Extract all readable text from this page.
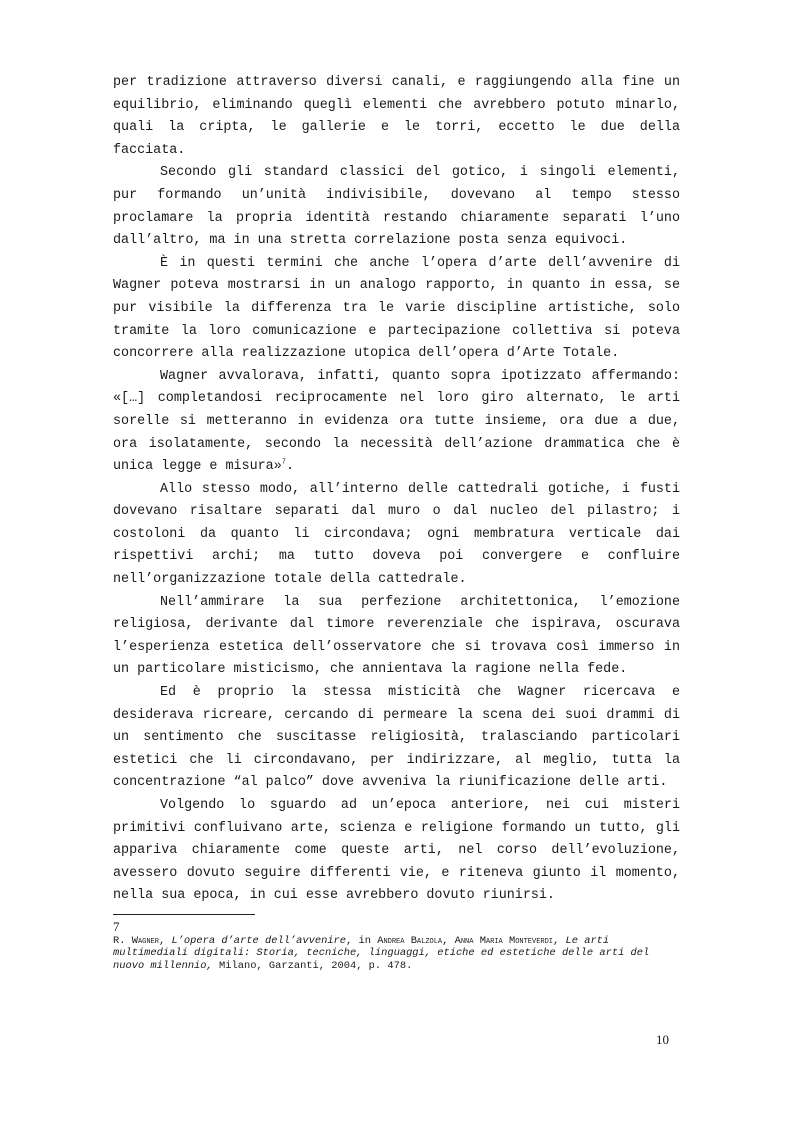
per tradizione attraverso diversi canali, e raggiungendo alla fine un equilibrio, eliminando queglì elementi che avrebbero potuto minarlo, quali la cripta, le gallerie e le torri, eccetto le due della facciata.

Secondo gli standard classici del gotico, i singoli elementi, pur formando un’unità indivisibile, dovevano al tempo stesso proclamare la propria identità restando chiaramente separati l’uno dall’altro, ma in una stretta correlazione posta senza equivoci.

È in questi termini che anche l’opera d’arte dell’avvenire di Wagner poteva mostrarsi in un analogo rapporto, in quanto in essa, se pur visibile la differenza tra le varie discipline artistiche, solo tramite la loro comunicazione e partecipazione collettiva si poteva concorrere alla realizzazione utopica dell’opera d’Arte Totale.

Wagner avvalorava, infatti, quanto sopra ipotizzato affermando: «[…] completandosi reciprocamente nel loro giro alternato, le arti sorelle si metteranno in evidenza ora tutte insieme, ora due a due, ora isolatamente, secondo la necessità dell’azione drammatica che è unica legge e misura»$^7$.

Allo stesso modo, all’interno delle cattedrali gotiche, i fusti dovevano risaltare separati dal muro o dal nucleo del pilastro; i costoloni da quanto li circondava; ogni membratura verticale dai rispettivi archi; ma tutto doveva poi convergere e confluire nell’organizzazione totale della cattedrale.

Nell’ammirare la sua perfezione architettonica, l’emozione religiosa, derivante dal timore reverenziale che ispirava, oscurava l’esperienza estetica dell’osservatore che si trovava così immerso in un particolare misticismo, che annientava la ragione nella fede.

Ed è proprio la stessa misticità che Wagner ricercava e desiderava ricreare, cercando di permeare la scena dei suoi drammi di un sentimento che suscitasse religiosità, tralasciando particolari estetici che li circondavano, per indirizzare, al meglio, tutta la concentrazione “al palco” dove avveniva la riunificazione delle arti.

Volgendo lo sguardo ad un’epoca anteriore, nei cui misteri primitivi confluivano arte, scienza e religione formando un tutto, gli appariva chiaramente come queste arti, nel corso dell’evoluzione, avessero dovuto seguire differenti vie, e riteneva giunto il momento, nella sua epoca, in cui esse avrebbero dovuto riunirsi.

7
R. Wagner, L’opera d’arte dell’avvenire, in Andrea Balzola, Anna Maria Monteverdi, Le arti multimediali digitali: Storia, tecniche, linguaggi, etiche ed estetiche delle arti del nuovo millennio, Milano, Garzanti, 2004, p. 478.
10
